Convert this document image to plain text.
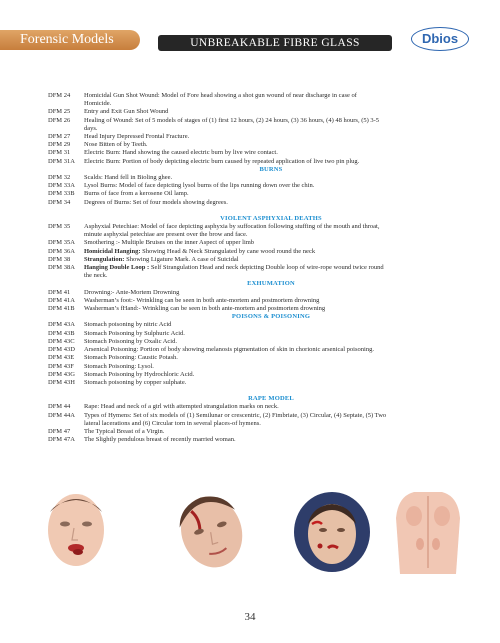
Forensic Models	UNBREAKABLE FIBRE GLASS	Dbios
DFM 24	Homicidal Gun Shot Wound: Model of Fore head showing a shot gun wound of near discharge in case of
Homicide.
DFM 25	Entry and Exit Gun Shot Wound
DFM 26	Healing of Wound: Set of 5 models of stages of (1) first 12 hours, (2) 24 hours, (3) 36 hours, (4) 48 hours, (5) 3-5
days.
DFM 27	Head Injury Depressed Frontal Fracture.
DFM 29	Nose Bitten of by Teeth.
DFM 31	Electric Burn: Hand showing the caused electric burn by live wire contact.
DFM 31A	Electric Burn: Portion of body depicting electric burn caused by repeated application of live two pin plug.
BURNS
DFM 32	Scalds: Hand fell in Bioling ghee.
DFM 33A	Lysol Burns: Model of face depicting lysol burns of the lips running down over the chin.
DFM 33B	Burns of face from a kerosene Oil lamp.
DFM 34	Degrees of Burns: Set of four models showing degrees.
VIOLENT ASPHYXIAL DEATHS
DFM 35	Asphyxial Petechiae: Model of face depicting asphyxia by suffocation following stuffing of the mouth and throat,
minute asphyxial petechiae are present over the brow and face.
DFM 35A	Smothering :- Multiple Bruises on the inner Aspect of upper limb
DFM 36A	Homicidal Hanging: Showing Head & Neck Strangulated by cane wood round the neck
DFM 38	Strangulation: Showing Ligature Mark. A case of Suicidal
DFM 38A	Hanging Double Loop : Self Strangulation Head and neck depicting Double loop of wire-rope wound twice round
the neck.
EXHUMATION
DFM 41	Drowning:- Ante-Mortem Drowning
DFM 41A	Washerman’s foot:- Wrinkling can be seen in both ante-mortem and postmortem drowning
DFM 41B	Washerman’s fHand:- Wrinkling can be seen in both ante-mortem and postmortem drowning
POISONS & POISONING
DFM 43A	Stomach poisoning by nitric Acid
DFM 43B	Stomach Poisoning by Sulphuric Acid.
DFM 43C	Stomach Poisoning by Oxalic Acid.
DFM 43D	Arsenical Poisoning: Portion of body showing melanosis pigmentation of skin in chorionic arsenical poisoning.
DFM 43E	Stomach Poisoning: Caustic Potash.
DFM 43F	Stomach Poisoning: Lysol.
DFM 43G	Stomach Poisoning by Hydrochloric Acid.
DFM 43H	Stomach poisoning by copper sulphate.
RAPE MODEL
DFM 44	Rape: Head and neck of a girl with attempted strangulation marks on neck.
DFM 44A	Types of Hymens: Set of six models of (1) Semilunar or crescentric, (2) Fimbriate, (3) Circular, (4) Septate, (5) Two
lateral lacerations and (6) Circular torn in several places-of hymens.
DFM 47	The Typical Breast of a Virgin.
DFM 47A	The Slightly pendulous breast of recently married woman.
34
